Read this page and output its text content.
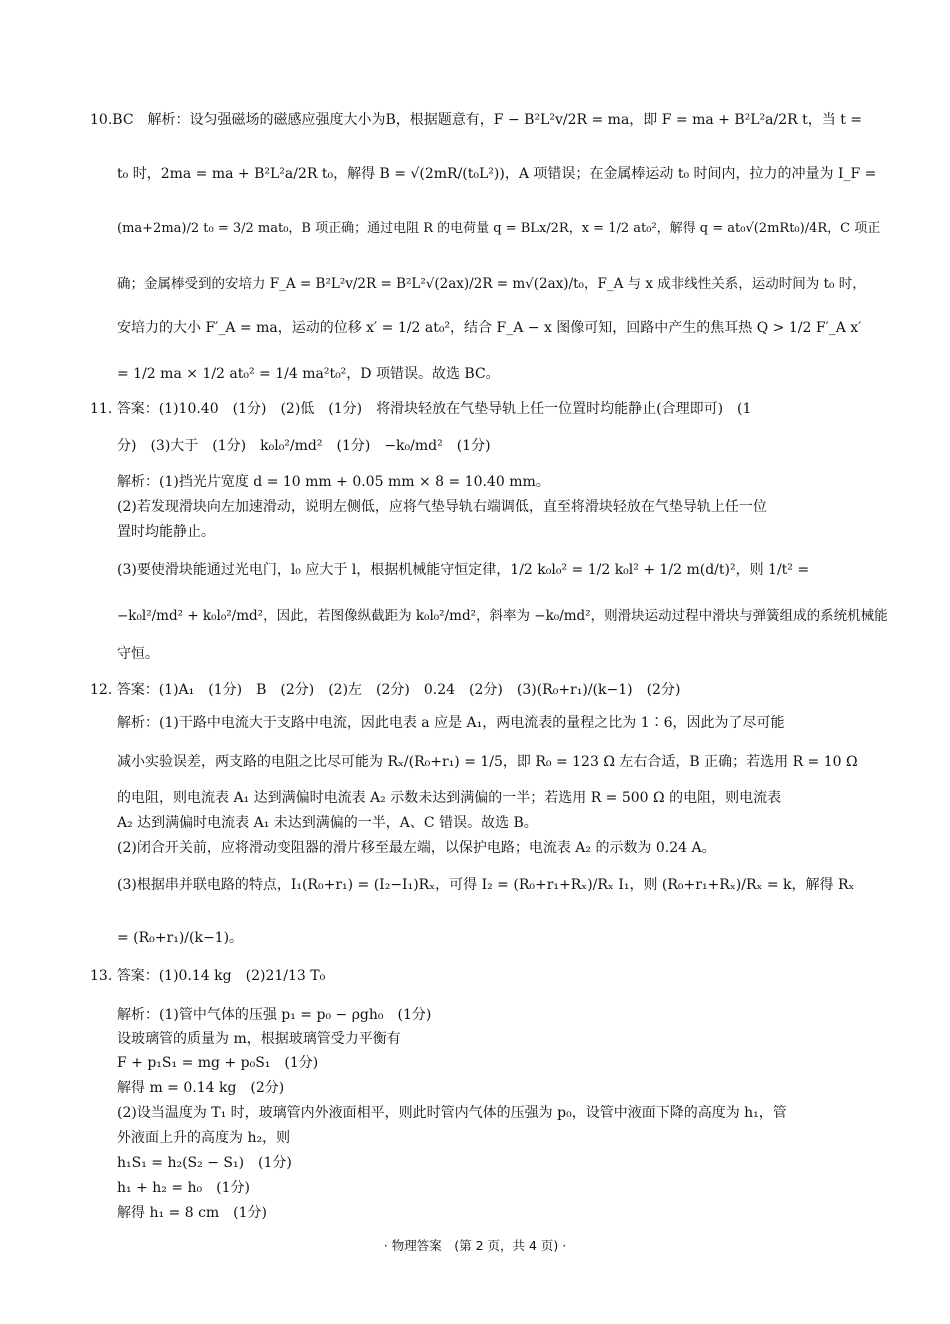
10.BC　解析：设匀强磁场的磁感应强度大小为B，根据题意有，F − B²L²v/2R = ma，即 F = ma + B²L²a/2R t，当 t =
t₀ 时，2ma = ma + B²L²a/2R t₀，解得 B = √(2mR/(t₀L²))，A 项错误；在金属棒运动 t₀ 时间内，拉力的冲量为 I_F =
(ma+2ma)/2 t₀ = 3/2 mat₀，B 项正确；通过电阻 R 的电荷量 q = BLx/2R，x = 1/2 at₀²，解得 q = at₀√(2mRt₀)/4R，C 项正
确；金属棒受到的安培力 F_A = B²L²v/2R = B²L²√(2ax)/2R = m√(2ax)/t₀，F_A 与 x 成非线性关系，运动时间为 t₀ 时，
安培力的大小 F′_A = ma，运动的位移 x′ = 1/2 at₀²，结合 F_A − x 图像可知，回路中产生的焦耳热 Q > 1/2 F′_A x′
= 1/2 ma × 1/2 at₀² = 1/4 ma²t₀²，D 项错误。故选 BC。
11. 答案：(1)10.40　(1分)　(2)低　(1分)　将滑块轻放在气垫导轨上任一位置时均能静止(合理即可)　(1
分)　(3)大于　(1分)　k₀l₀²/md²　(1分)　−k₀/md²　(1分)
解析：(1)挡光片宽度 d = 10 mm + 0.05 mm × 8 = 10.40 mm。
(2)若发现滑块向左加速滑动，说明左侧低，应将气垫导轨右端调低，直至将滑块轻放在气垫导轨上任一位
置时均能静止。
(3)要使滑块能通过光电门，l₀ 应大于 l，根据机械能守恒定律，1/2 k₀l₀² = 1/2 k₀l² + 1/2 m(d/t)²，则 1/t² =
−k₀l²/md² + k₀l₀²/md²，因此，若图像纵截距为 k₀l₀²/md²，斜率为 −k₀/md²，则滑块运动过程中滑块与弹簧组成的系统机械能
守恒。
12. 答案：(1)A₁　(1分)　B　(2分)　(2)左　(2分)　0.24　(2分)　(3)(R₀+r₁)/(k−1)　(2分)
解析：(1)干路中电流大于支路中电流，因此电表 a 应是 A₁，两电流表的量程之比为 1∶6，因此为了尽可能
减小实验误差，两支路的电阻之比尽可能为 Rₓ/(R₀+r₁) = 1/5，即 R₀ = 123 Ω 左右合适，B 正确；若选用 R = 10 Ω
的电阻，则电流表 A₁ 达到满偏时电流表 A₂ 示数未达到满偏的一半；若选用 R = 500 Ω 的电阻，则电流表
A₂ 达到满偏时电流表 A₁ 未达到满偏的一半，A、C 错误。故选 B。
(2)闭合开关前，应将滑动变阻器的滑片移至最左端，以保护电路；电流表 A₂ 的示数为 0.24 A。
(3)根据串并联电路的特点，I₁(R₀+r₁) = (I₂−I₁)Rₓ，可得 I₂ = (R₀+r₁+Rₓ)/Rₓ I₁，则 (R₀+r₁+Rₓ)/Rₓ = k，解得 Rₓ
= (R₀+r₁)/(k−1)。
13. 答案：(1)0.14 kg　(2)21/13 T₀
解析：(1)管中气体的压强 p₁ = p₀ − ρgh₀　(1分)
设玻璃管的质量为 m，根据玻璃管受力平衡有
F + p₁S₁ = mg + p₀S₁　(1分)
解得 m = 0.14 kg　(2分)
(2)设当温度为 T₁ 时，玻璃管内外液面相平，则此时管内气体的压强为 p₀，设管中液面下降的高度为 h₁，管
外液面上升的高度为 h₂，则
h₁S₁ = h₂(S₂ − S₁)　(1分)
h₁ + h₂ = h₀　(1分)
解得 h₁ = 8 cm　(1分)
· 物理答案　(第 2 页，共 4 页) ·
